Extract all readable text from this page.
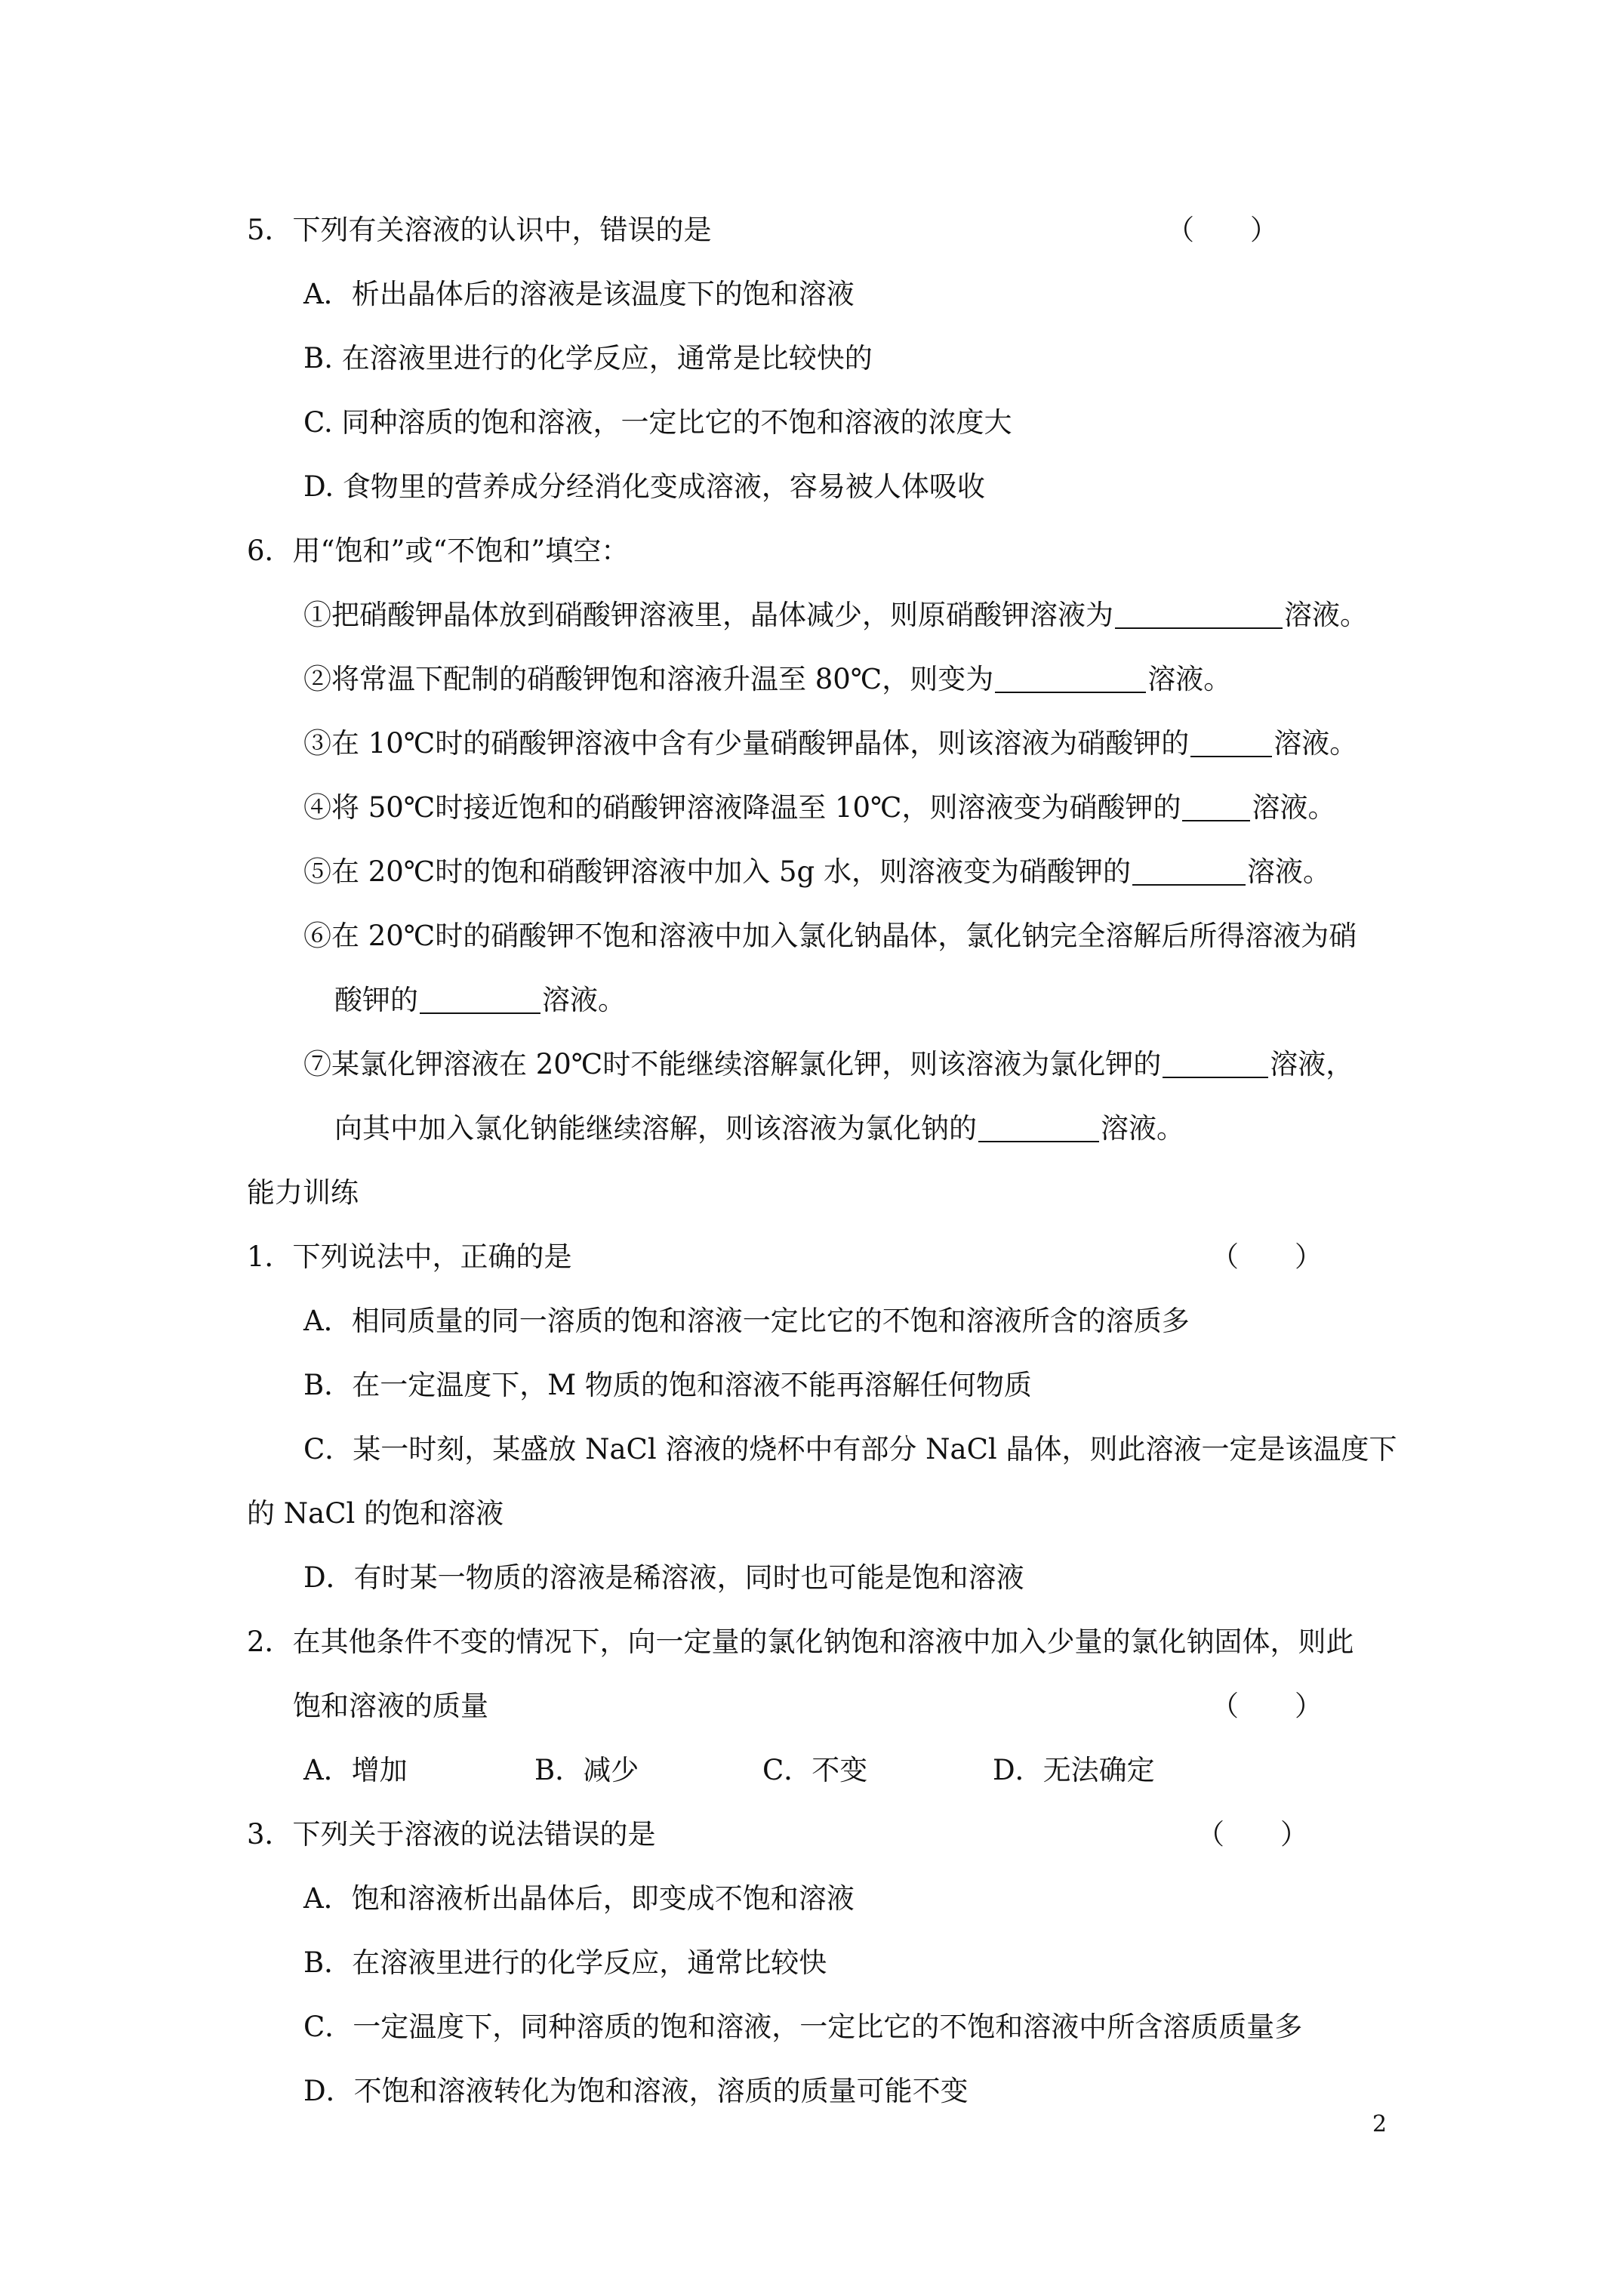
5．下列有关溶液的认识中，错误的是	（　　）
A．析出晶体后的溶液是该温度下的饱和溶液
B. 在溶液里进行的化学反应，通常是比较快的
C. 同种溶质的饱和溶液，一定比它的不饱和溶液的浓度大
D. 食物里的营养成分经消化变成溶液，容易被人体吸收
6．用“饱和”或“不饱和”填空：
①把硝酸钾晶体放到硝酸钾溶液里，晶体减少，则原硝酸钾溶液为	溶液。
②将常温下配制的硝酸钾饱和溶液升温至 80℃，则变为	溶液。
③在 10℃时的硝酸钾溶液中含有少量硝酸钾晶体，则该溶液为硝酸钾的	溶液。
④将 50℃时接近饱和的硝酸钾溶液降温至 10℃，则溶液变为硝酸钾的	溶液。
⑤在 20℃时的饱和硝酸钾溶液中加入 5g 水，则溶液变为硝酸钾的	溶液。
⑥在 20℃时的硝酸钾不饱和溶液中加入氯化钠晶体，氯化钠完全溶解后所得溶液为硝
酸钾的	溶液。
⑦某氯化钾溶液在 20℃时不能继续溶解氯化钾，则该溶液为氯化钾的	溶液，
向其中加入氯化钠能继续溶解，则该溶液为氯化钠的	溶液。
能力训练
1．下列说法中，正确的是	（　　）
A．相同质量的同一溶质的饱和溶液一定比它的不饱和溶液所含的溶质多
B．在一定温度下，M 物质的饱和溶液不能再溶解任何物质
C．某一时刻，某盛放 NaCl 溶液的烧杯中有部分 NaCl 晶体，则此溶液一定是该温度下
的 NaCl 的饱和溶液
D．有时某一物质的溶液是稀溶液，同时也可能是饱和溶液
2．在其他条件不变的情况下，向一定量的氯化钠饱和溶液中加入少量的氯化钠固体，则此
饱和溶液的质量	（　　）
A．增加	B．减少	C．不变	D．无法确定
3．下列关于溶液的说法错误的是	（　　）
A．饱和溶液析出晶体后，即变成不饱和溶液
B．在溶液里进行的化学反应，通常比较快
C．一定温度下，同种溶质的饱和溶液，一定比它的不饱和溶液中所含溶质质量多
D．不饱和溶液转化为饱和溶液，溶质的质量可能不变
2
